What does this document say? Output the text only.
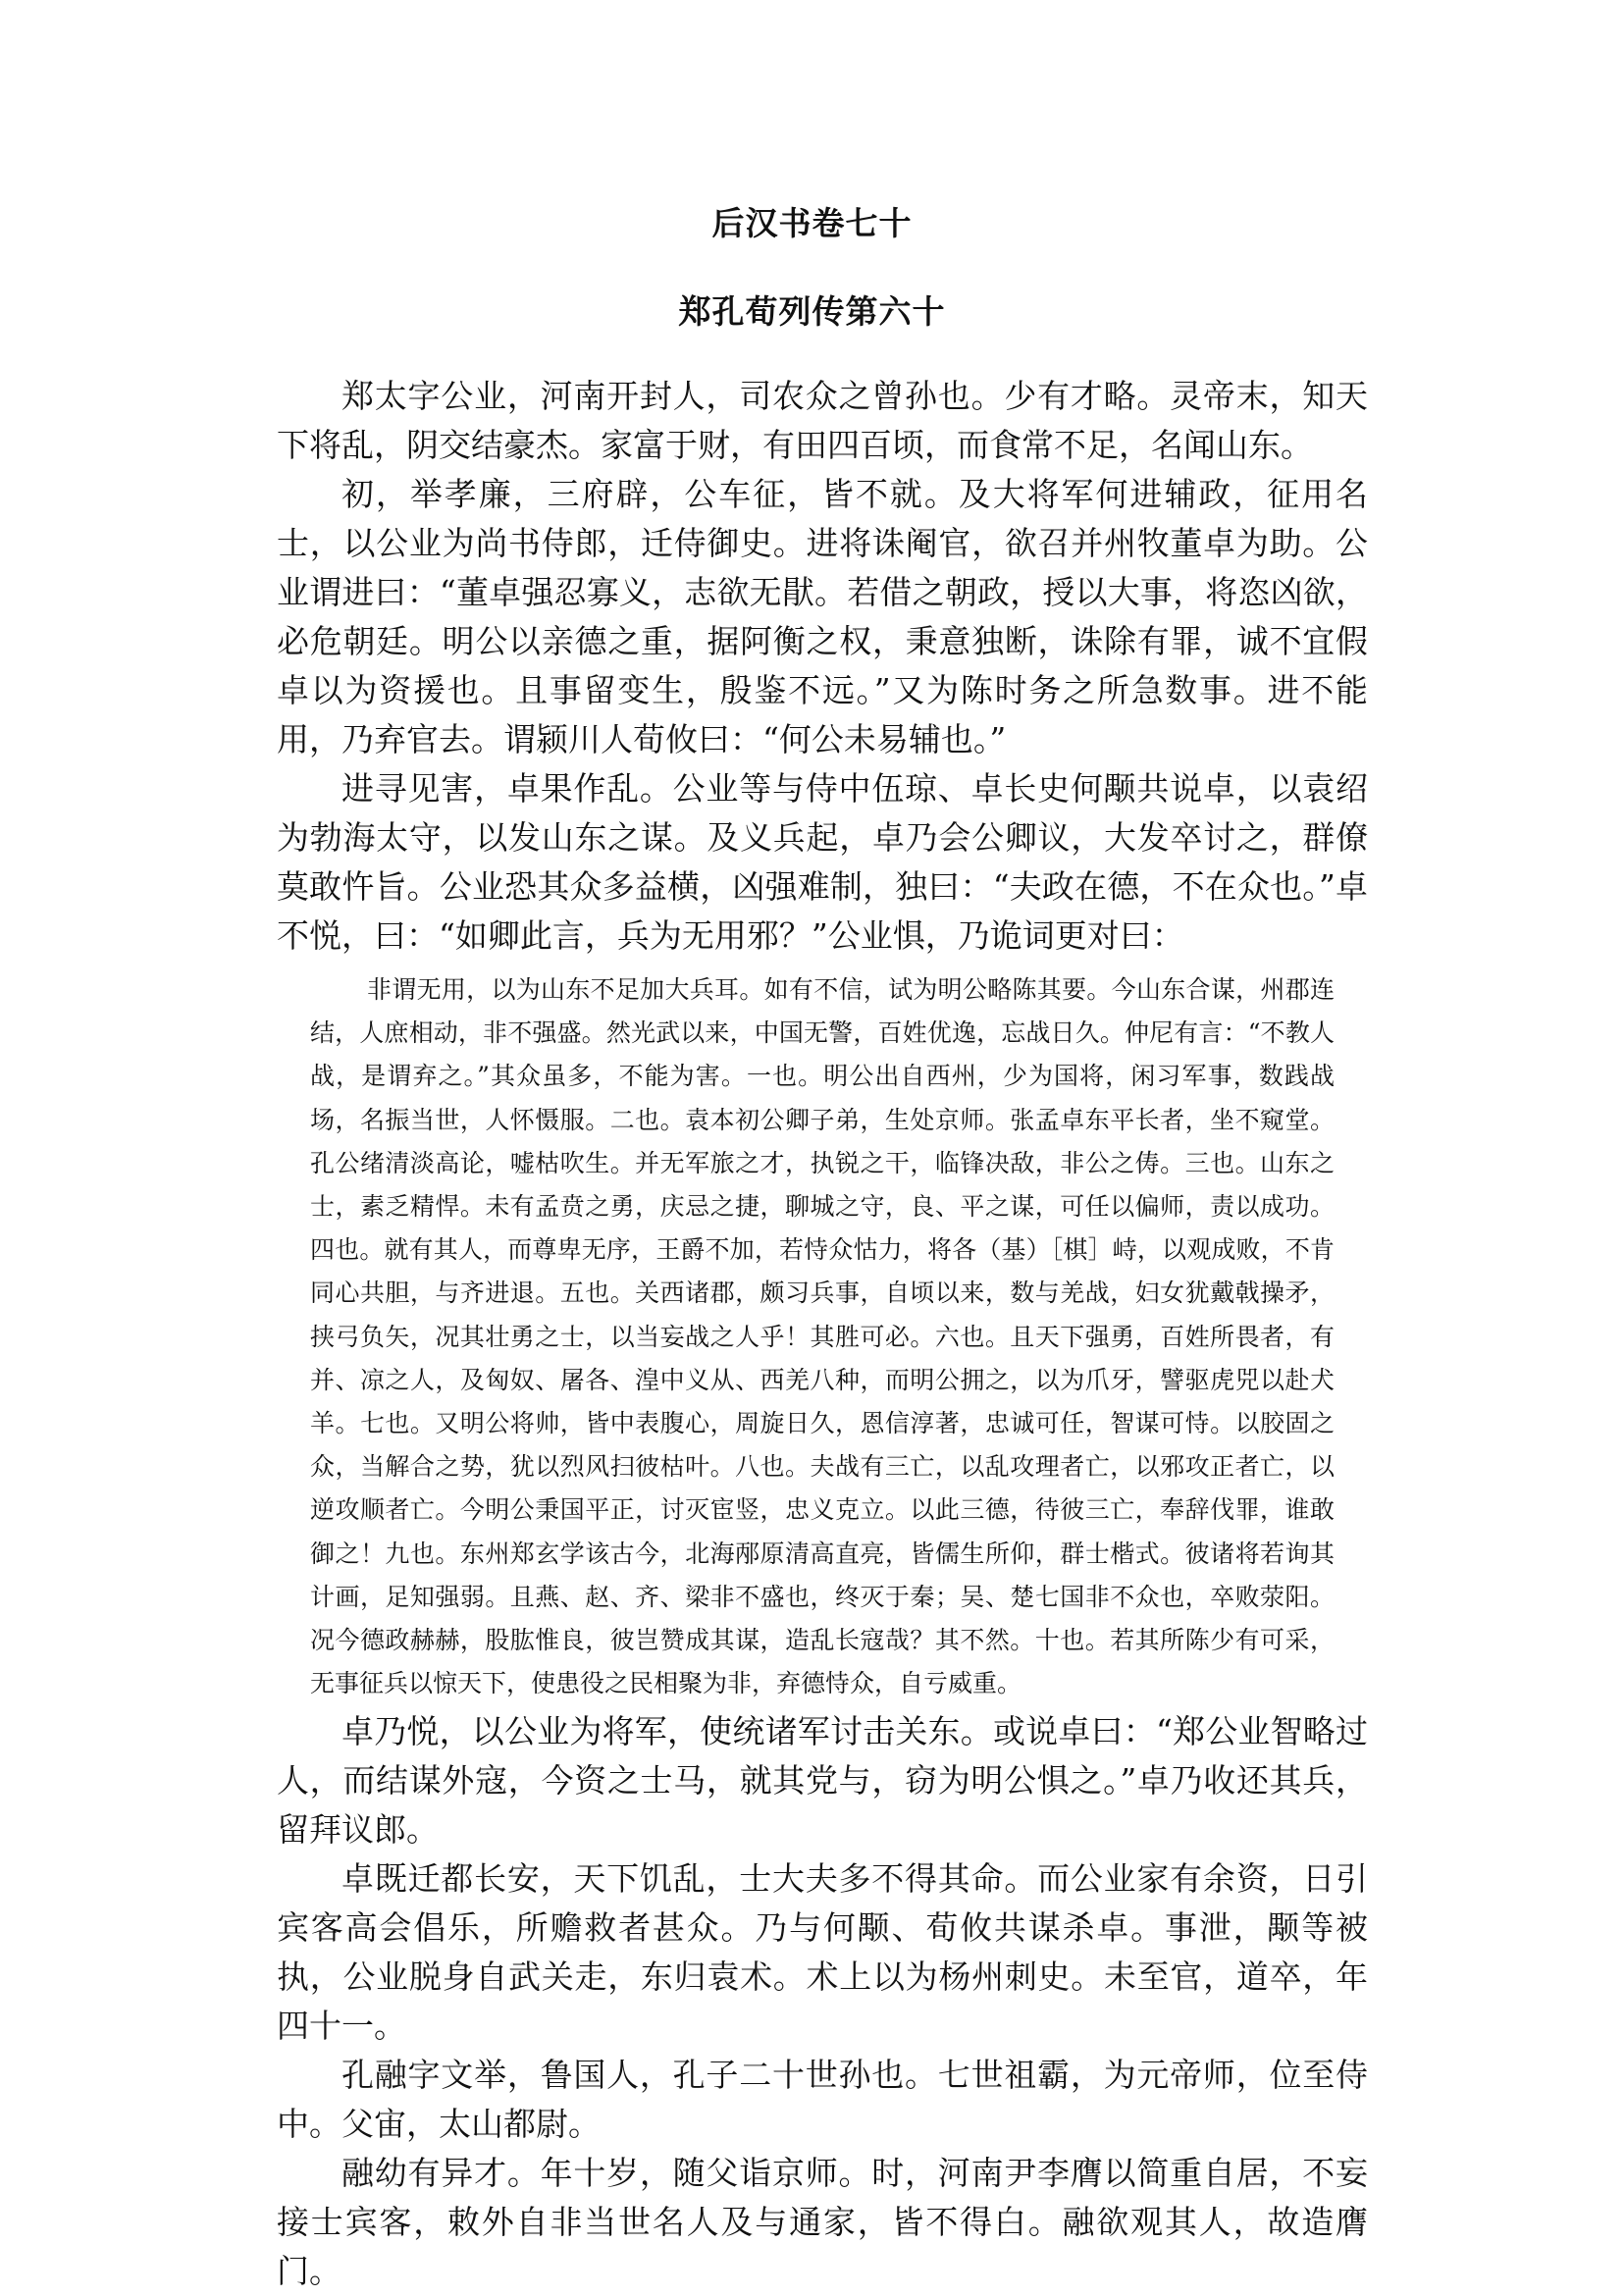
后汉书卷七十
郑孔荀列传第六十

郑太字公业，河南开封人，司农众之曾孙也。少有才略。灵帝末，知天下将乱，阴交结豪杰。家富于财，有田四百顷，而食常不足，名闻山东。

初，举孝廉，三府辟，公车征，皆不就。及大将军何进辅政，征用名士，以公业为尚书侍郎，迁侍御史。进将诛阉官，欲召并州牧董卓为助。公业谓进曰：“董卓强忍寡义，志欲无猒。若借之朝政，授以大事，将恣凶欲，必危朝廷。明公以亲德之重，据阿衡之权，秉意独断，诛除有罪，诚不宜假卓以为资援也。且事留变生，殷鉴不远。”又为陈时务之所急数事。进不能用，乃弃官去。谓颍川人荀攸曰：“何公未易辅也。”

进寻见害，卓果作乱。公业等与侍中伍琼、卓长史何颙共说卓，以袁绍为勃海太守，以发山东之谋。及义兵起，卓乃会公卿议，大发卒讨之，群僚莫敢忤旨。公业恐其众多益横，凶强难制，独曰：“夫政在德，不在众也。”卓不悦，曰：“如卿此言，兵为无用邪？”公业惧，乃诡词更对曰：

非谓无用，以为山东不足加大兵耳。如有不信，试为明公略陈其要。今山东合谋，州郡连结，人庶相动，非不强盛。然光武以来，中国无警，百姓优逸，忘战日久。仲尼有言：“不教人战，是谓弃之。”其众虽多，不能为害。一也。明公出自西州，少为国将，闲习军事，数践战场，名振当世，人怀慑服。二也。袁本初公卿子弟，生处京师。张孟卓东平长者，坐不窥堂。孔公绪清淡高论，嘘枯吹生。并无军旅之才，执锐之干，临锋决敌，非公之俦。三也。山东之士，素乏精悍。未有孟贲之勇，庆忌之捷，聊城之守，良、平之谋，可任以偏师，责以成功。四也。就有其人，而尊卑无序，王爵不加，若恃众怙力，将各（基）［棋］峙，以观成败，不肯同心共胆，与齐进退。五也。关西诸郡，颇习兵事，自顷以来，数与羌战，妇女犹戴戟操矛，挟弓负矢，况其壮勇之士，以当妄战之人乎！其胜可必。六也。且天下强勇，百姓所畏者，有并、凉之人，及匈奴、屠各、湟中义从、西羌八种，而明公拥之，以为爪牙，譬驱虎兕以赴犬羊。七也。又明公将帅，皆中表腹心，周旋日久，恩信淳著，忠诚可任，智谋可恃。以胶固之众，当解合之势，犹以烈风扫彼枯叶。八也。夫战有三亡，以乱攻理者亡，以邪攻正者亡，以逆攻顺者亡。今明公秉国平正，讨灭宦竖，忠义克立。以此三德，待彼三亡，奉辞伐罪，谁敢御之！九也。东州郑玄学该古今，北海邴原清高直亮，皆儒生所仰，群士楷式。彼诸将若询其计画，足知强弱。且燕、赵、齐、梁非不盛也，终灭于秦；吴、楚七国非不众也，卒败荥阳。况今德政赫赫，股肱惟良，彼岂赞成其谋，造乱长寇哉？其不然。十也。若其所陈少有可采，无事征兵以惊天下，使患役之民相聚为非，弃德恃众，自亏威重。

卓乃悦，以公业为将军，使统诸军讨击关东。或说卓曰：“郑公业智略过人，而结谋外寇，今资之士马，就其党与，窃为明公惧之。”卓乃收还其兵，留拜议郎。

卓既迁都长安，天下饥乱，士大夫多不得其命。而公业家有余资，日引宾客高会倡乐，所赡救者甚众。乃与何颙、荀攸共谋杀卓。事泄，颙等被执，公业脱身自武关走，东归袁术。术上以为杨州刺史。未至官，道卒，年四十一。

孔融字文举，鲁国人，孔子二十世孙也。七世祖霸，为元帝师，位至侍中。父宙，太山都尉。

融幼有异才。年十岁，随父诣京师。时，河南尹李膺以简重自居，不妄接士宾客，敕外自非当世名人及与通家，皆不得白。融欲观其人，故造膺门。
